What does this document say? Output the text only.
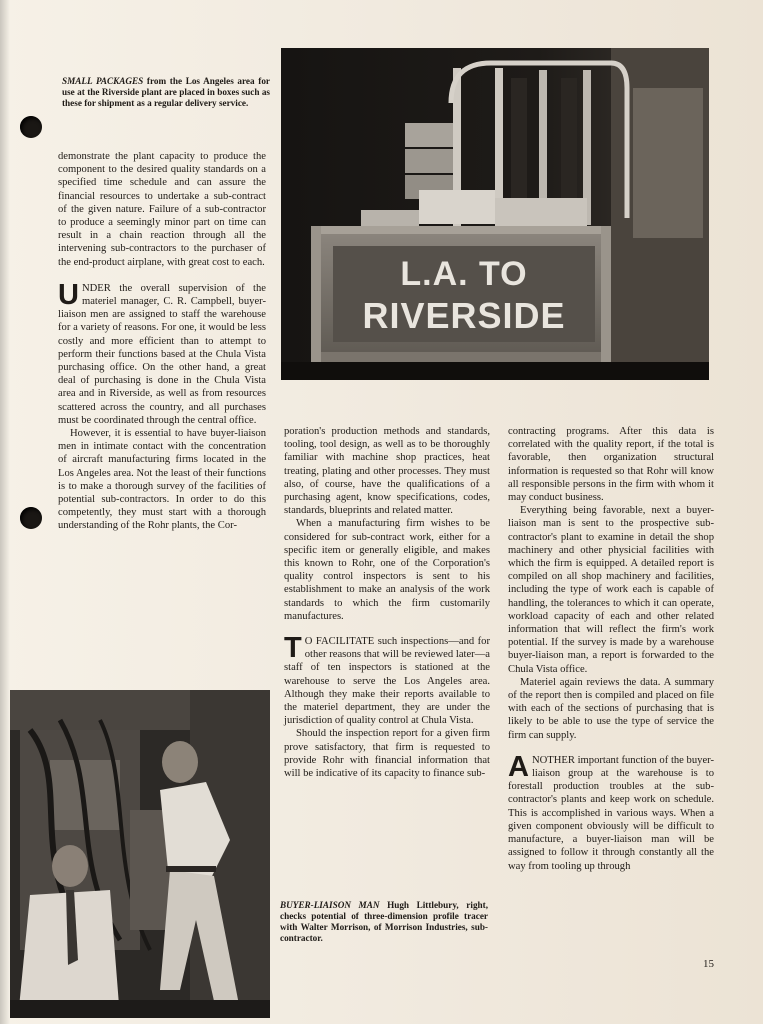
SMALL PACKAGES from the Los Angeles area for use at the Riverside plant are placed in boxes such as these for shipment as a regular delivery service.
L.A. TO
RIVERSIDE

demonstrate the plant capacity to produce the component to the desired quality standards on a specified time schedule and can assure the financial resources to undertake a sub-contract of the given nature. Failure of a sub-contractor to produce a seemingly minor part on time can result in a chain reaction through all the intervening sub-contractors to the purchaser of the end-product airplane, with great cost to each.

UNDER the overall supervision of the materiel manager, C. R. Campbell, buyer-liaison men are assigned to staff the warehouse for a variety of reasons. For one, it would be less costly and more efficient than to attempt to perform their functions based at the Chula Vista purchasing office. On the other hand, a great deal of purchasing is done in the Chula Vista area and in Riverside, as well as from resources scattered across the country, and all purchases must be coordinated through the central office.

However, it is essential to have buyer-liaison men in intimate contact with the concentration of aircraft manufacturing firms located in the Los Angeles area. Not the least of their functions is to make a thorough survey of the facilities of potential sub-contractors. In order to do this competently, they must start with a thorough understanding of the Rohr plants, the Cor-

poration's production methods and standards, tooling, tool design, as well as to be thoroughly familiar with machine shop practices, heat treating, plating and other processes. They must also, of course, have the qualifications of a purchasing agent, know specifications, codes, standards, blueprints and related matter.

When a manufacturing firm wishes to be considered for sub-contract work, either for a specific item or generally eligible, and makes this known to Rohr, one of the Corporation's quality control inspectors is sent to his establishment to make an analysis of the work standards to which the firm customarily manufactures.

T O FACILITATE such inspections—and for other reasons that will be reviewed later—a staff of ten inspectors is stationed at the warehouse to serve the Los Angeles area. Although they make their reports available to the materiel department, they are under the jurisdiction of quality control at Chula Vista.

Should the inspection report for a given firm prove satisfactory, that firm is requested to provide Rohr with financial information that will be indicative of its capacity to finance sub-

BUYER-LIAISON MAN Hugh Littlebury, right, checks potential of three-dimension profile tracer with Walter Morrison, of Morrison Industries, sub-contractor.

contracting programs. After this data is correlated with the quality report, if the total is favorable, then organization structural information is requested so that Rohr will know all responsible persons in the firm with whom it may conduct business.

Everything being favorable, next a buyer-liaison man is sent to the prospective sub-contractor's plant to examine in detail the shop machinery and other physicial facilities with which the firm is equipped. A detailed report is compiled on all shop machinery and facilities, including the type of work each is capable of handling, the tolerances to which it can operate, workload capacity of each and other related information that will reflect the firm's work potential. If the survey is made by a warehouse buyer-liaison man, a report is forwarded to the Chula Vista office.

Materiel again reviews the data. A summary of the report then is compiled and placed on file with each of the sections of purchasing that is likely to be able to use the type of service the firm can supply.

ANOTHER important function of the buyer-liaison group at the warehouse is to forestall production troubles at the sub-contractor's plants and keep work on schedule. This is accomplished in various ways. When a given component obviously will be difficult to manufacture, a buyer-liaison man will be assigned to follow it through constantly all the way from tooling up through

15
